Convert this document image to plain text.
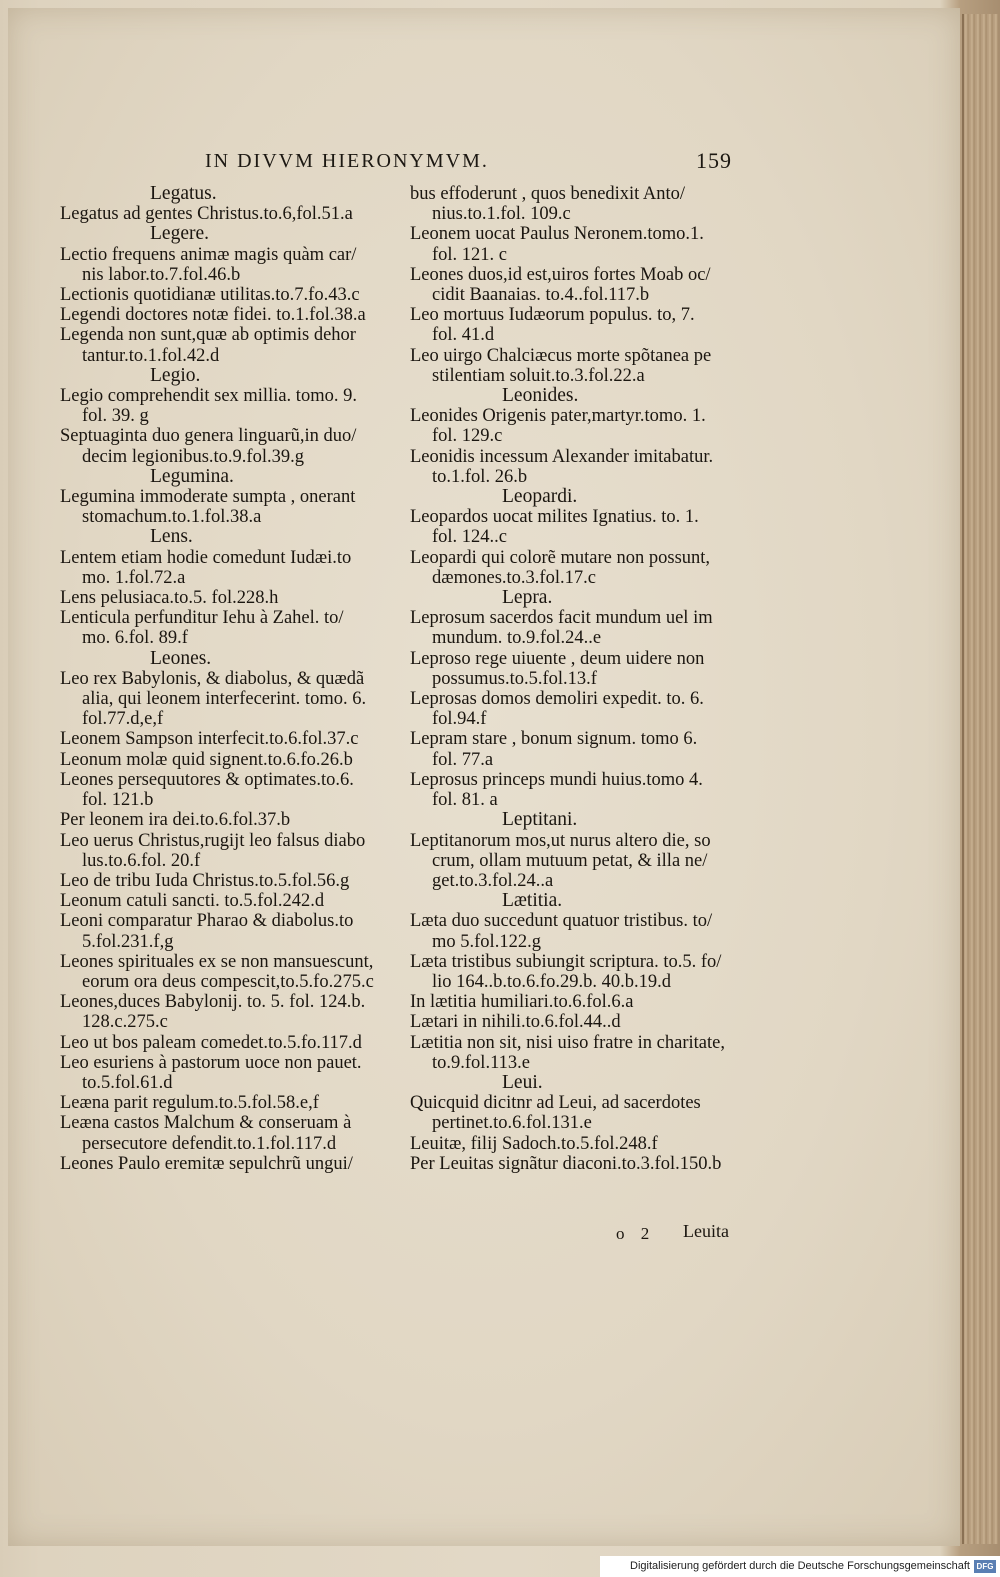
IN DIVVM HIERONYMVM.	159
Legatus.
Legatus ad gentes Christus.to.6,fol.51.a
Legere.
Lectio frequens animæ magis quàm car/
nis labor.to.7.fol.46.b
Lectionis quotidianæ utilitas.to.7.fo.43.c
Legendi doctores notæ fidei. to.1.fol.38.a
Legenda non sunt,quæ ab optimis dehor
tantur.to.1.fol.42.d
Legio.
Legio comprehendit sex millia. tomo. 9.
fol. 39. g
Septuaginta duo genera linguarũ,in duo/
decim legionibus.to.9.fol.39.g
Legumina.
Legumina immoderate sumpta , onerant
stomachum.to.1.fol.38.a
Lens.
Lentem etiam hodie comedunt Iudæi.to
mo. 1.fol.72.a
Lens pelusiaca.to.5. fol.228.h
Lenticula perfunditur Iehu à Zahel. to/
mo. 6.fol. 89.f
Leones.
Leo rex Babylonis, & diabolus, & quædã
alia, qui leonem interfecerint. tomo. 6.
fol.77.d,e,f
Leonem Sampson interfecit.to.6.fol.37.c
Leonum molæ quid signent.to.6.fo.26.b
Leones persequutores & optimates.to.6.
fol. 121.b
Per leonem ira dei.to.6.fol.37.b
Leo uerus Christus,rugijt leo falsus diabo
lus.to.6.fol. 20.f
Leo de tribu Iuda Christus.to.5.fol.56.g
Leonum catuli sancti. to.5.fol.242.d
Leoni comparatur Pharao & diabolus.to
5.fol.231.f,g
Leones spirituales ex se non mansuescunt,
eorum ora deus compescit,to.5.fo.275.c
Leones,duces Babylonij. to. 5. fol. 124.b.
128.c.275.c
Leo ut bos paleam comedet.to.5.fo.117.d
Leo esuriens à pastorum uoce non pauet.
to.5.fol.61.d
Leæna parit regulum.to.5.fol.58.e,f
Leæna castos Malchum & conseruam à
persecutore defendit.to.1.fol.117.d
Leones Paulo eremitæ sepulchrũ ungui/
bus effoderunt , quos benedixit Anto/
nius.to.1.fol. 109.c
Leonem uocat Paulus Neronem.tomo.1.
fol. 121. c
Leones duos,id est,uiros fortes Moab oc/
cidit Baanaias. to.4..fol.117.b
Leo mortuus Iudæorum populus. to, 7.
fol. 41.d
Leo uirgo Chalciæcus morte spõtanea pe
stilentiam soluit.to.3.fol.22.a
Leonides.
Leonides Origenis pater,martyr.tomo. 1.
fol. 129.c
Leonidis incessum Alexander imitabatur.
to.1.fol. 26.b
Leopardi.
Leopardos uocat milites Ignatius. to. 1.
fol. 124..c
Leopardi qui colorẽ mutare non possunt,
dæmones.to.3.fol.17.c
Lepra.
Leprosum sacerdos facit mundum uel im
mundum. to.9.fol.24..e
Leproso rege uiuente , deum uidere non
possumus.to.5.fol.13.f
Leprosas domos demoliri expedit. to. 6.
fol.94.f
Lepram stare , bonum signum. tomo 6.
fol. 77.a
Leprosus princeps mundi huius.tomo 4.
fol. 81. a
Leptitani.
Leptitanorum mos,ut nurus altero die, so
crum, ollam mutuum petat, & illa ne/
get.to.3.fol.24..a
Lætitia.
Læta duo succedunt quatuor tristibus. to/
mo 5.fol.122.g
Læta tristibus subiungit scriptura. to.5. fo/
lio 164..b.to.6.fo.29.b. 40.b.19.d
In lætitia humiliari.to.6.fol.6.a
Lætari in nihili.to.6.fol.44..d
Lætitia non sit, nisi uiso fratre in charitate,
to.9.fol.113.e
Leui.
Quicquid dicitnr ad Leui, ad sacerdotes
pertinet.to.6.fol.131.e
Leuitæ, filij Sadoch.to.5.fol.248.f
Per Leuitas signãtur diaconi.to.3.fol.150.b
o 2 Leuita
Digitalisierung gefördert durch die Deutsche Forschungsgemeinschaft DFG
